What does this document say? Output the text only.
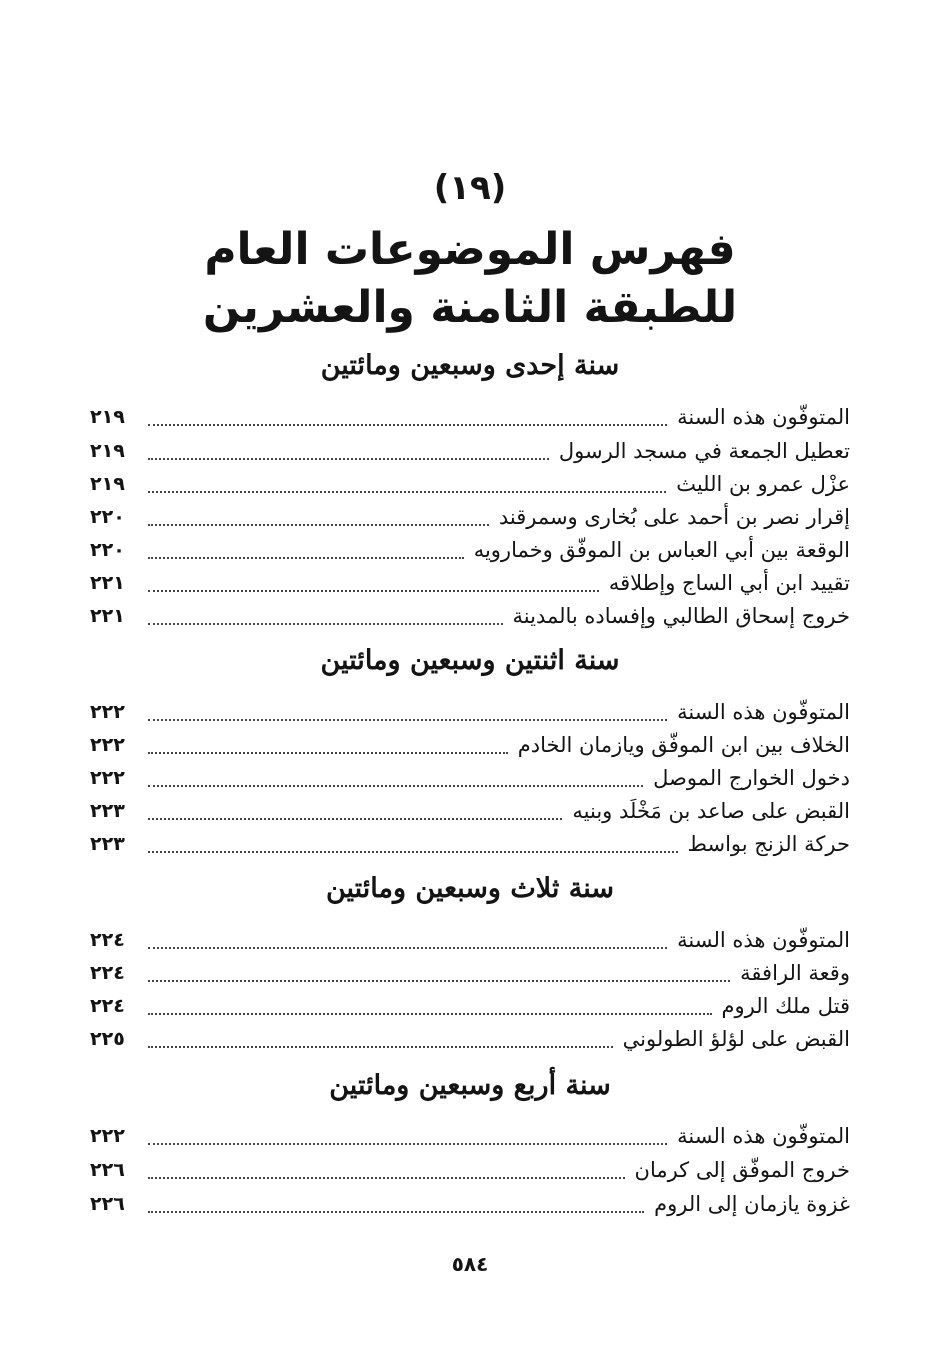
(١٩)
فهرس الموضوعات العام
للطبقة الثامنة والعشرين
سنة إحدى وسبعين ومائتين
المتوفّون هذه السنة
٢١٩
تعطيل الجمعة في مسجد الرسول
٢١٩
عزْل عمرو بن الليث
٢١٩
إقرار نصر بن أحمد على بُخارى وسمرقند
٢٢٠
الوقعة بين أبي العباس بن الموفّق وخمارويه
٢٢٠
تقييد ابن أبي الساج وإطلاقه
٢٢١
خروج إسحاق الطالبي وإفساده بالمدينة
٢٢١
سنة اثنتين وسبعين ومائتين
المتوفّون هذه السنة
٢٢٢
الخلاف بين ابن الموفّق ويازمان الخادم
٢٢٢
دخول الخوارج الموصل
٢٢٢
القبض على صاعد بن مَخْلَد وبنيه
٢٢٣
حركة الزنج بواسط
٢٢٣
سنة ثلاث وسبعين ومائتين
المتوفّون هذه السنة
٢٢٤
وقعة الرافقة
٢٢٤
قتل ملك الروم
٢٢٤
القبض على لؤلؤ الطولوني
٢٢٥
سنة أربع وسبعين ومائتين
المتوفّون هذه السنة
٢٢٢
خروج الموفّق إلى كرمان
٢٢٦
غزوة يازمان إلى الروم
٢٢٦
٥٨٤
